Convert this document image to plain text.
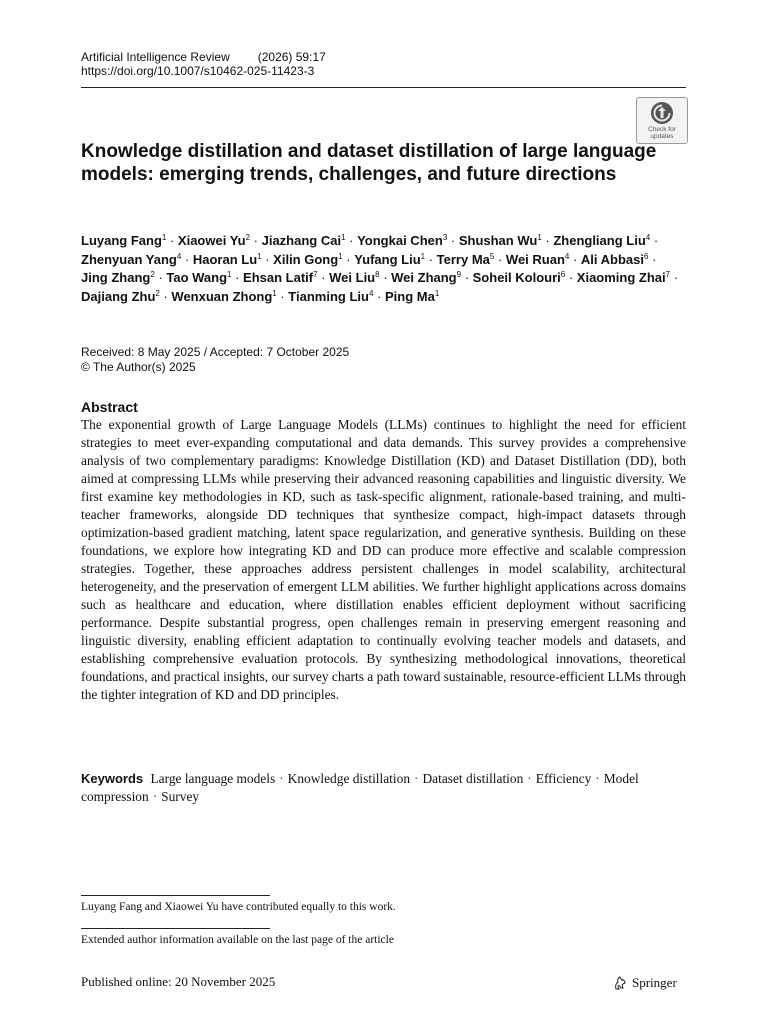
Artificial Intelligence Review (2026) 59:17
https://doi.org/10.1007/s10462-025-11423-3
Check for
updates
Knowledge distillation and dataset distillation of large language models: emerging trends, challenges, and future directions
Luyang Fang$^1$ · Xiaowei $Yu^2$ · Jiazhang Cai$^1$ · Yongkai Chen$^3$ · Shushan $Wu^1$ · Zhengliang Liu$^4$ · Zhenyuan Yang$^4$ · Haoran $Lu^1$ · Xilin Gong$^1$ · Yufang Liu$^1$ · Terry $Ma^5$ · Wei Ruan$^4$ · Ali Abbasi$^6$ · Jing Zhang$^2$ · Tao Wang$^1$ · Ehsan Latif$^7$ · Wei Liu$^8$ · Wei Zhang$^9$ · Soheil Kolouri$^6$ · Xiaoming Zhai$^7$ · Dajiang Zhu$^2$ · Wenxuan Zhong$^1$ · Tianming Liu$^4$ · Ping Ma$^1$
Received: 8 May 2025 / Accepted: 7 October 2025
© The Author(s) 2025
Abstract

The exponential growth of Large Language Models (LLMs) continues to highlight the need for efficient strategies to meet ever-expanding computational and data demands. This survey provides a comprehensive analysis of two complementary paradigms: Knowledge Distillation (KD) and Dataset Distillation (DD), both aimed at compressing LLMs while preserving their advanced reasoning capabilities and linguistic diversity. We first examine key methodologies in KD, such as task-specific alignment, rationale-based training, and multi-teacher frameworks, alongside DD techniques that synthesize compact, high-impact datasets through optimization-based gradient matching, latent space regularization, and generative synthesis. Building on these foundations, we explore how integrating KD and DD can produce more effective and scalable compression strategies. Together, these approaches address persistent challenges in model scalability, architectural heterogeneity, and the preservation of emergent LLM abilities. We further highlight applications across domains such as healthcare and education, where distillation enables efficient deployment without sacrificing performance. Despite substantial progress, open challenges remain in preserving emergent reasoning and linguistic diversity, enabling efficient adaptation to continually evolving teacher models and datasets, and establishing comprehensive evaluation protocols. By synthesizing methodological innovations, theoretical foundations, and practical insights, our survey charts a path toward sustainable, resource-efficient LLMs through the tighter integration of KD and DD principles.

Keywords Large language models · Knowledge distillation · Dataset distillation · Efficiency · Model compression · Survey

Luyang Fang and Xiaowei Yu have contributed equally to this work.
Extended author information available on the last page of the article
Published online: 20 November 2025	Springer
